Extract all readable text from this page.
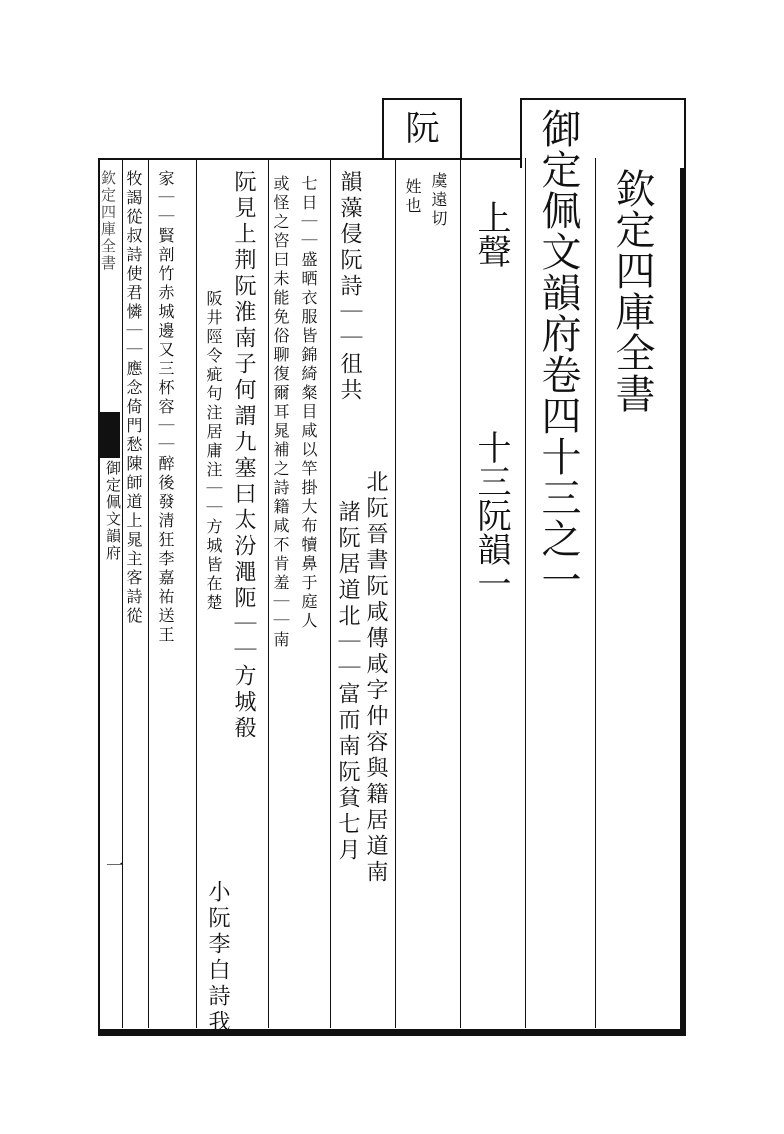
欽定四庫全書
御定佩文韻府卷四十三之一
上聲
十三阮韻一
阮
虞遠切
姓也
韻藻侵阮詩｜｜徂共
北阮晉書阮咸傳咸字仲容與籍居道南
諸阮居道北｜｜富而南阮貧七月
七日｜｜盛晒衣服皆錦綺粲目咸以竿掛大布犢鼻于庭人
或怪之咨曰未能免俗聊復爾耳晁補之詩籍咸不肯羞｜｜南
阮見上荆阮淮南子何謂九塞曰太汾澠阨｜｜方城殽
阪井陘令疵句注居庸注｜｜方城皆在楚
小阮李白詩我
家｜｜賢剖竹赤城邊又三杯容｜｜醉後發清狂李嘉祐送王
牧謁從叔詩使君憐｜｜應念倚門愁陳師道上晁主客詩從
欽定四庫全書
御定佩文韻府
一
